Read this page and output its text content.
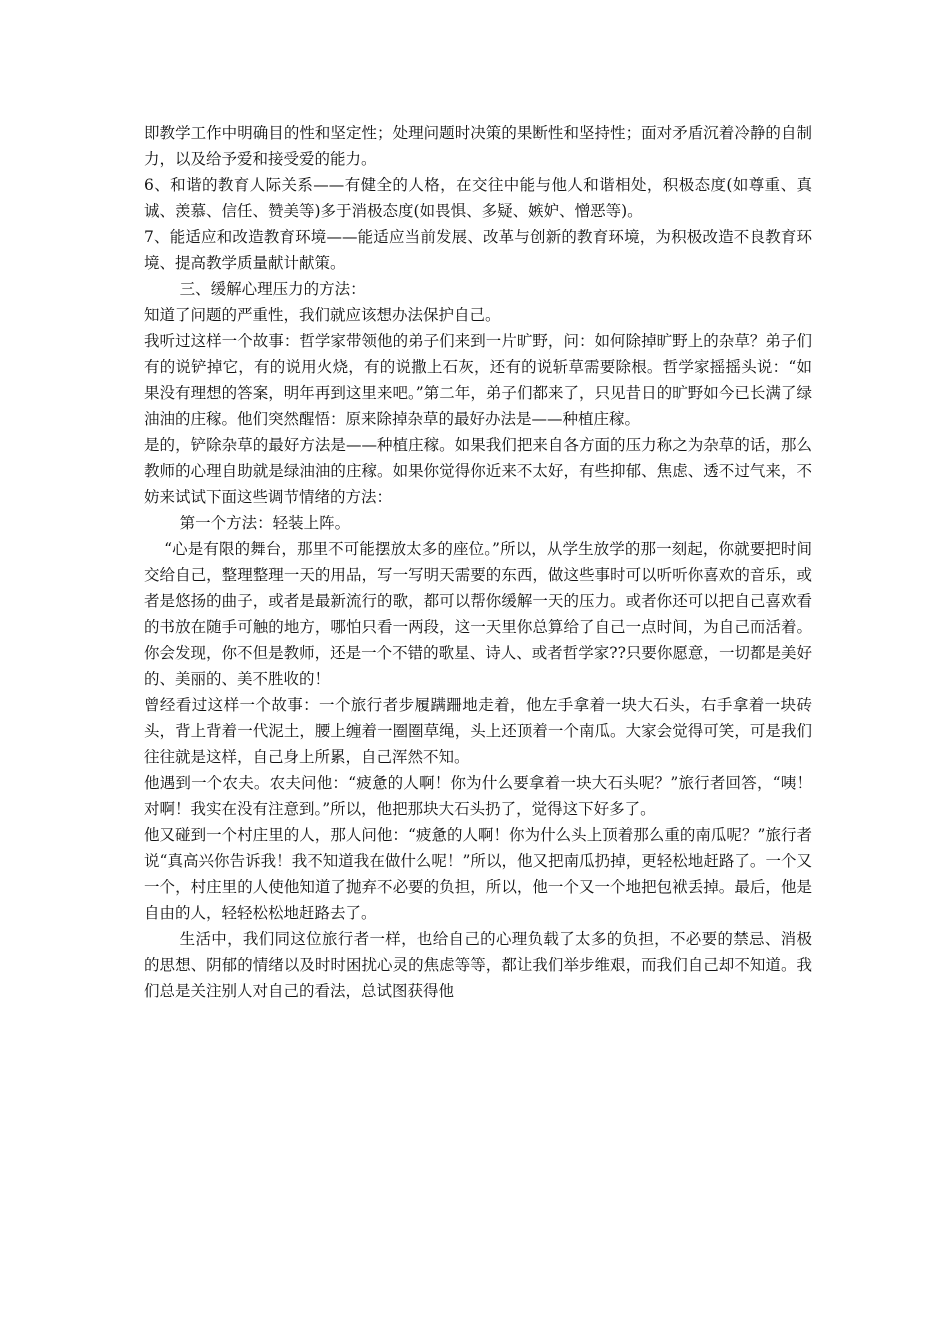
即教学工作中明确目的性和坚定性；处理问题时决策的果断性和坚持性；面对矛盾沉着冷静的自制力，以及给予爱和接受爱的能力。

6、和谐的教育人际关系——有健全的人格，在交往中能与他人和谐相处，积极态度(如尊重、真诚、羡慕、信任、赞美等)多于消极态度(如畏惧、多疑、嫉妒、憎恶等)。

7、能适应和改造教育环境——能适应当前发展、改革与创新的教育环境，为积极改造不良教育环境、提高教学质量献计献策。

三、缓解心理压力的方法：

知道了问题的严重性，我们就应该想办法保护自己。

我听过这样一个故事：哲学家带领他的弟子们来到一片旷野，问：如何除掉旷野上的杂草？弟子们有的说铲掉它，有的说用火烧，有的说撒上石灰，还有的说斩草需要除根。哲学家摇摇头说：“如果没有理想的答案，明年再到这里来吧。”第二年，弟子们都来了，只见昔日的旷野如今已长满了绿油油的庄稼。他们突然醒悟：原来除掉杂草的最好办法是——种植庄稼。

是的，铲除杂草的最好方法是——种植庄稼。如果我们把来自各方面的压力称之为杂草的话，那么教师的心理自助就是绿油油的庄稼。如果你觉得你近来不太好，有些抑郁、焦虑、透不过气来，不妨来试试下面这些调节情绪的方法：

第一个方法：轻装上阵。

“心是有限的舞台，那里不可能摆放太多的座位。”所以，从学生放学的那一刻起，你就要把时间交给自己，整理整理一天的用品，写一写明天需要的东西，做这些事时可以听听你喜欢的音乐，或者是悠扬的曲子，或者是最新流行的歌，都可以帮你缓解一天的压力。或者你还可以把自己喜欢看的书放在随手可触的地方，哪怕只看一两段，这一天里你总算给了自己一点时间，为自己而活着。你会发现，你不但是教师，还是一个不错的歌星、诗人、或者哲学家??只要你愿意，一切都是美好的、美丽的、美不胜收的！

曾经看过这样一个故事：一个旅行者步履蹒跚地走着，他左手拿着一块大石头，右手拿着一块砖头，背上背着一代泥土，腰上缠着一圈圈草绳，头上还顶着一个南瓜。大家会觉得可笑，可是我们往往就是这样，自己身上所累，自己浑然不知。

他遇到一个农夫。农夫问他：“疲惫的人啊！你为什么要拿着一块大石头呢？”旅行者回答，“咦！对啊！我实在没有注意到。”所以，他把那块大石头扔了，觉得这下好多了。

他又碰到一个村庄里的人，那人问他：“疲惫的人啊！你为什么头上顶着那么重的南瓜呢？”旅行者说“真高兴你告诉我！我不知道我在做什么呢！”所以，他又把南瓜扔掉，更轻松地赶路了。一个又一个，村庄里的人使他知道了抛弃不必要的负担，所以，他一个又一个地把包袱丢掉。最后，他是自由的人，轻轻松松地赶路去了。

生活中，我们同这位旅行者一样，也给自己的心理负载了太多的负担，不必要的禁忌、消极的思想、阴郁的情绪以及时时困扰心灵的焦虑等等，都让我们举步维艰，而我们自己却不知道。我们总是关注别人对自己的看法，总试图获得他
